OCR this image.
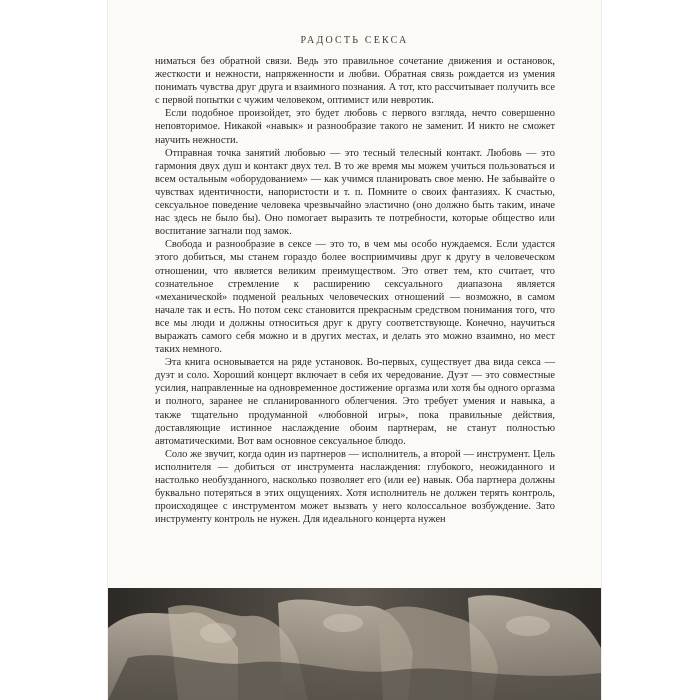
РАДОСТЬ СЕКСА

ниматься без обратной связи. Ведь это правильное сочетание движения и остановок, жесткости и нежности, напряженности и любви. Обратная связь рождается из умения понимать чувства друг друга и взаимного познания. А тот, кто рассчитывает получить все с первой попытки с чужим человеком, оптимист или невротик.

Если подобное произойдет, это будет любовь с первого взгляда, нечто совершенно неповторимое. Никакой «навык» и разнообразие такого не заменит. И никто не сможет научить нежности.

Отправная точка занятий любовью — это тесный телесный контакт. Любовь — это гармония двух душ и контакт двух тел. В то же время мы можем учиться пользоваться и всем остальным «оборудованием» — как учимся планировать свое меню. Не забывайте о чувствах идентичности, напористости и т. п. Помните о своих фантазиях. К счастью, сексуальное поведение человека чрезвычайно эластично (оно должно быть таким, иначе нас здесь не было бы). Оно помогает выразить те потребности, которые общество или воспитание загнали под замок.

Свобода и разнообразие в сексе — это то, в чем мы особо нуждаемся. Если удастся этого добиться, мы станем гораздо более восприимчивы друг к другу в человеческом отношении, что является великим преимуществом. Это ответ тем, кто считает, что сознательное стремление к расширению сексуального диапазона является «механической» подменой реальных человеческих отношений — возможно, в самом начале так и есть. Но потом секс становится прекрасным средством понимания того, что все мы люди и должны относиться друг к другу соответствующе. Конечно, научиться выражать самого себя можно и в других местах, и делать это можно взаимно, но мест таких немного.

Эта книга основывается на ряде установок. Во-первых, существует два вида секса — дуэт и соло. Хороший концерт включает в себя их чередование. Дуэт — это совместные усилия, направленные на одновременное достижение оргазма или хотя бы одного оргазма и полного, заранее не спланированного облегчения. Это требует умения и навыка, а также тщательно продуманной «любовной игры», пока правильные действия, доставляющие истинное наслаждение обоим партнерам, не станут полностью автоматическими. Вот вам основное сексуальное блюдо.

Соло же звучит, когда один из партнеров — исполнитель, а второй — инструмент. Цель исполнителя — добиться от инструмента наслаждения: глубокого, неожиданного и настолько необузданного, насколько позволяет его (или ее) навык. Оба партнера должны буквально потеряться в этих ощущениях. Хотя исполнитель не должен терять контроль, происходящее с инструментом может вызвать у него колоссальное возбуждение. Зато инструменту контроль не нужен. Для идеального концерта нужен
